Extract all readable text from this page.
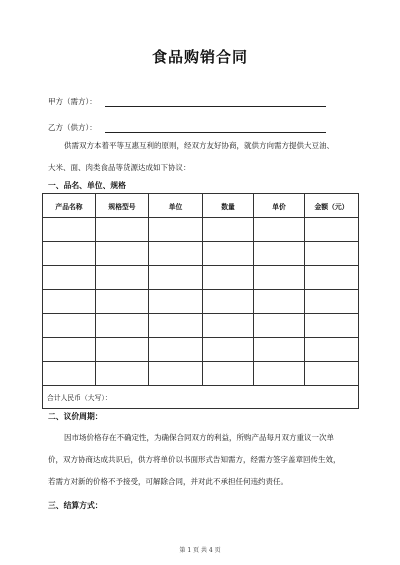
食品购销合同
甲方（需方）：
乙方（供方）：
供需双方本着平等互惠互利的原则，经双方友好协商，就供方向需方提供大豆油、
大米、面、肉类食品等货源达成如下协议：
一、品名、单位、规格
产品名称	规格型号	单位	数量	单价	金额（元）

合计人民币（大写）：					
二、议价周期：
因市场价格存在不确定性，为确保合同双方的利益，所购产品每月双方重议一次单
价，双方协商达成共识后，供方将单价以书面形式告知需方，经需方签字盖章回传生效，
若需方对新的价格不予接受，可解除合同，并对此不承担任何违约责任。
三、结算方式：
第 1 页 共 4 页
